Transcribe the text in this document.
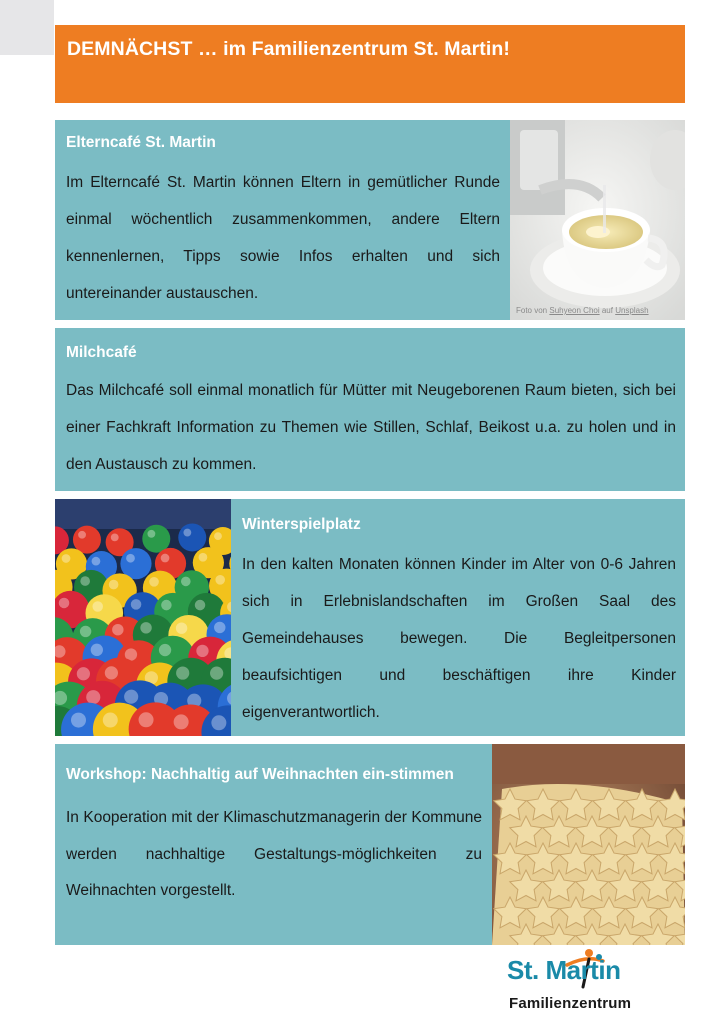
DEMNÄCHST … im Familienzentrum St. Martin!
Elterncafé St. Martin

Im Elterncafé St. Martin können Eltern in gemütlicher Runde einmal wöchentlich zusammenkommen, andere Eltern kennenlernen, Tipps sowie Infos erhalten und sich untereinander austauschen.

Foto von Suhyeon Choi auf Unsplash
Milchcafé

Das Milchcafé soll einmal monatlich für Mütter mit Neugeborenen Raum bieten, sich bei einer Fachkraft Information zu Themen wie Stillen, Schlaf, Beikost u.a. zu holen und in den Austausch zu kommen.

Winterspielplatz

In den kalten Monaten können Kinder im Alter von 0-6 Jahren sich in Erlebnislandschaften im Großen Saal des Gemeindehauses bewegen. Die Begleitpersonen beaufsichtigen und beschäftigen ihre Kinder eigenverantwortlich.

Workshop: Nachhaltig auf Weihnachten ein-stimmen

In Kooperation mit der Klimaschutzmanagerin der Kommune werden nachhaltige Gestaltungs-möglichkeiten zu Weihnachten vorgestellt.

St. Martin
Familienzentrum
